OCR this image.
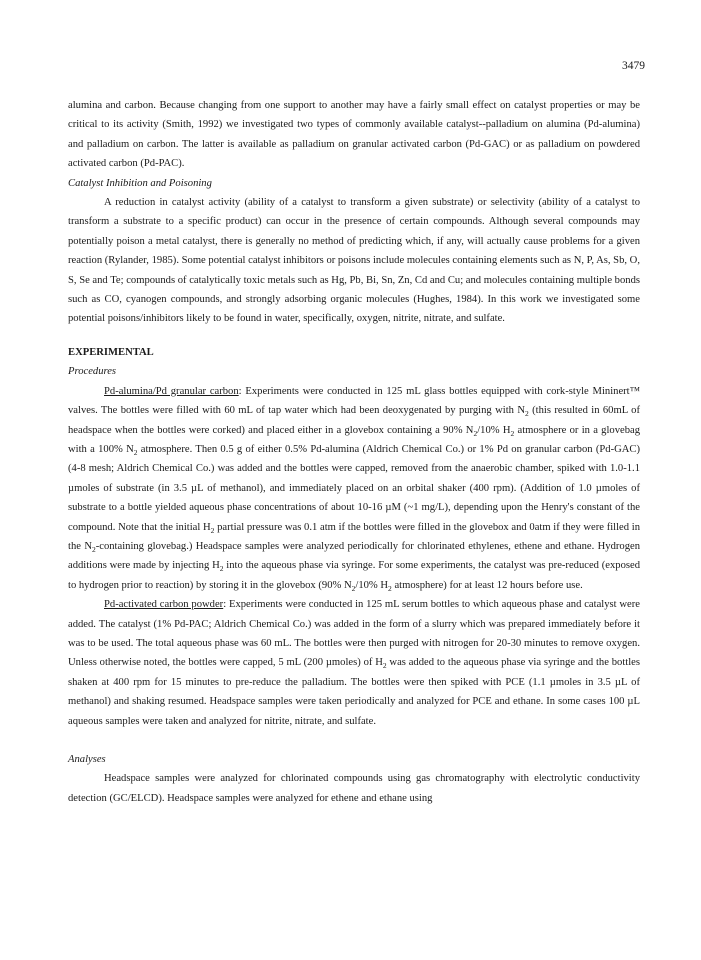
3479

alumina and carbon. Because changing from one support to another may have a fairly small effect on catalyst properties or may be critical to its activity (Smith, 1992) we investigated two types of commonly available catalyst--palladium on alumina (Pd-alumina) and palladium on carbon. The latter is available as palladium on granular activated carbon (Pd-GAC) or as palladium on powdered activated carbon (Pd-PAC).

Catalyst Inhibition and Poisoning

A reduction in catalyst activity (ability of a catalyst to transform a given substrate) or selectivity (ability of a catalyst to transform a substrate to a specific product) can occur in the presence of certain compounds. Although several compounds may potentially poison a metal catalyst, there is generally no method of predicting which, if any, will actually cause problems for a given reaction (Rylander, 1985). Some potential catalyst inhibitors or poisons include molecules containing elements such as N, P, As, Sb, O, S, Se and Te; compounds of catalytically toxic metals such as Hg, Pb, Bi, Sn, Zn, Cd and Cu; and molecules containing multiple bonds such as CO, cyanogen compounds, and strongly adsorbing organic molecules (Hughes, 1984). In this work we investigated some potential poisons/inhibitors likely to be found in water, specifically, oxygen, nitrite, nitrate, and sulfate.

EXPERIMENTAL

Procedures

Pd-alumina/Pd granular carbon: Experiments were conducted in 125 mL glass bottles equipped with cork-style Mininert™ valves. The bottles were filled with 60 mL of tap water which had been deoxygenated by purging with $N_2$ (this resulted in 60mL of headspace when the bottles were corked) and placed either in a glovebox containing a 90% $N_2/10\%$ $H_2$ atmosphere or in a glovebag with a 100% $N_2$ atmosphere. Then 0.5 g of either 0.5% Pd-alumina (Aldrich Chemical Co.) or 1% Pd on granular carbon (Pd-GAC) (4-8 mesh; Aldrich Chemical Co.) was added and the bottles were capped, removed from the anaerobic chamber, spiked with 1.0-1.1 µmoles of substrate (in 3.5 µL of methanol), and immediately placed on an orbital shaker (400 rpm). (Addition of 1.0 µmoles of substrate to a bottle yielded aqueous phase concentrations of about 10-16 µM (~1 mg/L), depending upon the Henry's constant of the compound. Note that the initial $H_2$ partial pressure was 0.1 atm if the bottles were filled in the glovebox and 0atm if they were filled in the $N_2$-containing glovebag.) Headspace samples were analyzed periodically for chlorinated ethylenes, ethene and ethane. Hydrogen additions were made by injecting $H_2$ into the aqueous phase via syringe. For some experiments, the catalyst was pre-reduced (exposed to hydrogen prior to reaction) by storing it in the glovebox (90% $N_2/10\%$ $H_2$ atmosphere) for at least 12 hours before use.

Pd-activated carbon powder: Experiments were conducted in 125 mL serum bottles to which aqueous phase and catalyst were added. The catalyst (1% Pd-PAC; Aldrich Chemical Co.) was added in the form of a slurry which was prepared immediately before it was to be used. The total aqueous phase was 60 mL. The bottles were then purged with nitrogen for 20-30 minutes to remove oxygen. Unless otherwise noted, the bottles were capped, 5 mL (200 µmoles) of $H_2$ was added to the aqueous phase via syringe and the bottles shaken at 400 rpm for 15 minutes to pre-reduce the palladium. The bottles were then spiked with PCE (1.1 µmoles in 3.5 µL of methanol) and shaking resumed. Headspace samples were taken periodically and analyzed for PCE and ethane. In some cases 100 µL aqueous samples were taken and analyzed for nitrite, nitrate, and sulfate.

Analyses

Headspace samples were analyzed for chlorinated compounds using gas chromatography with electrolytic conductivity detection (GC/ELCD). Headspace samples were analyzed for ethene and ethane using
